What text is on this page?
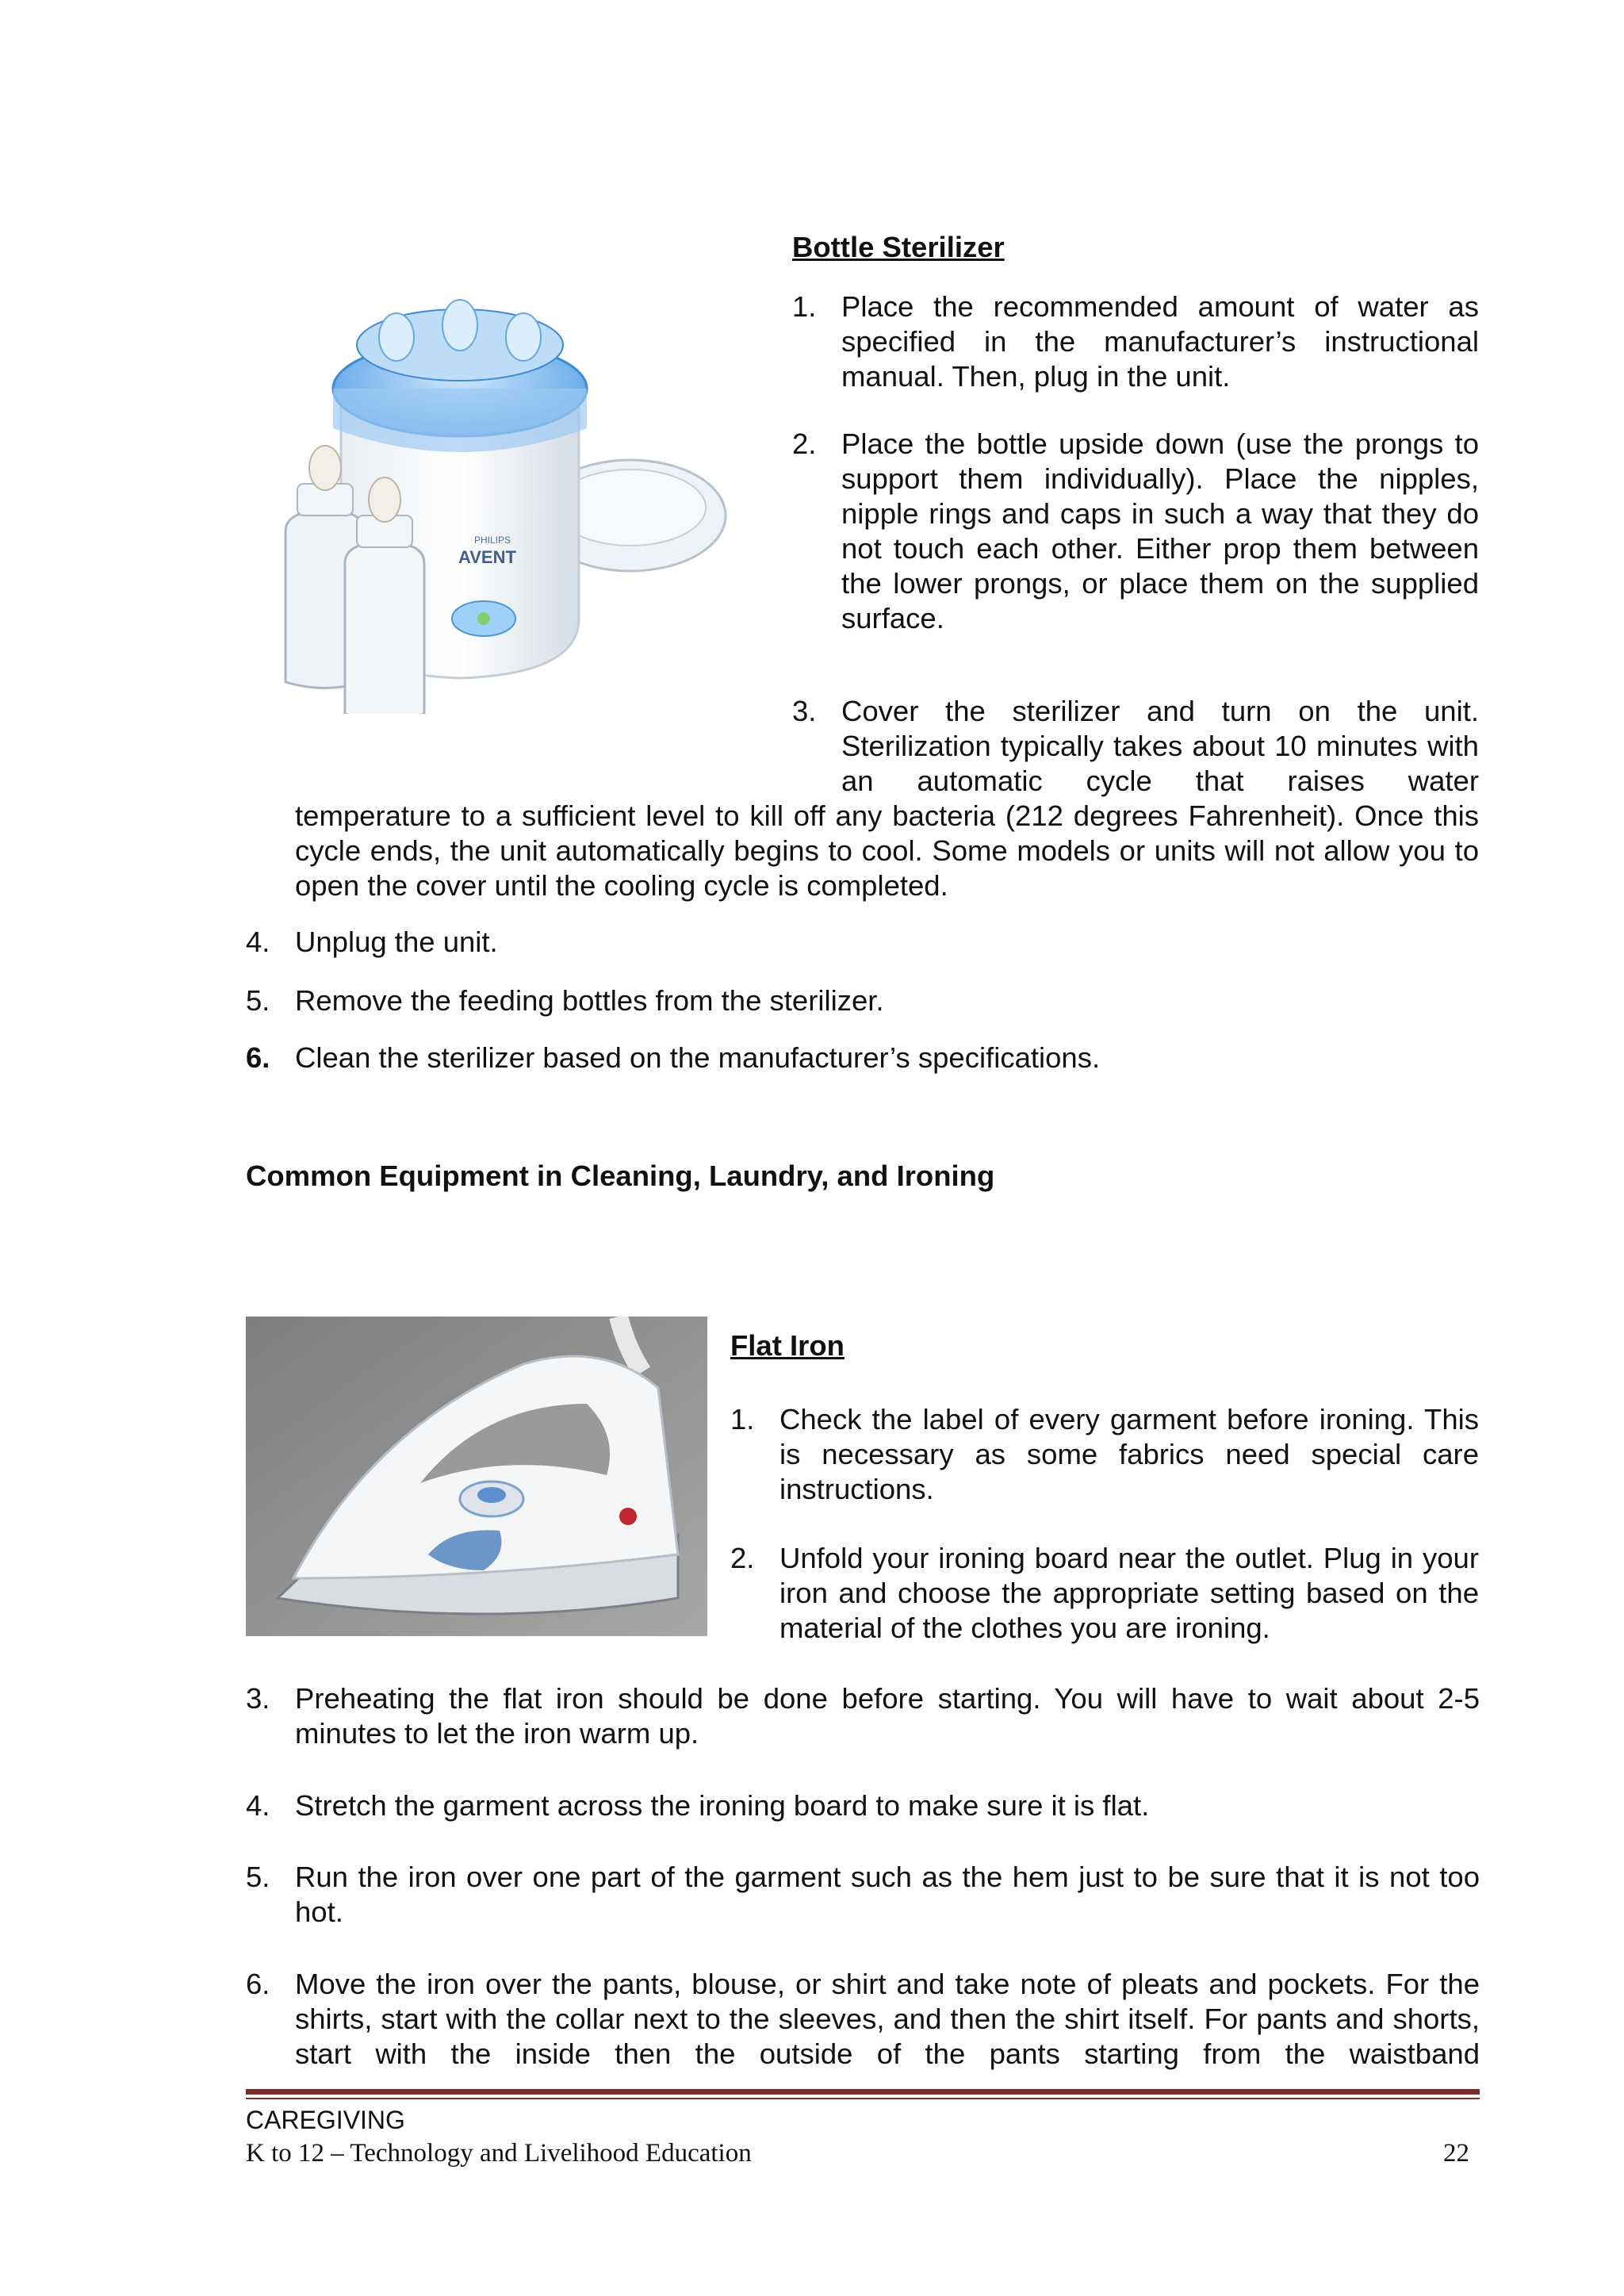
PHILIPS
AVENT
Bottle Sterilizer
1. Place the recommended amount of water as specified in the manufacturer’s instructional manual. Then, plug in the unit.
2. Place the bottle upside down (use the prongs to support them individually). Place the nipples, nipple rings and caps in such a way that they do not touch each other. Either prop them between the lower prongs, or place them on the supplied surface.
3. Cover the sterilizer and turn on the unit. Sterilization typically takes about 10 minutes with an automatic cycle that raises water
temperature to a sufficient level to kill off any bacteria (212 degrees Fahrenheit). Once this cycle ends, the unit automatically begins to cool. Some models or units will not allow you to open the cover until the cooling cycle is completed.
4. Unplug the unit.
5. Remove the feeding bottles from the sterilizer.
6. Clean the sterilizer based on the manufacturer’s specifications.
Common Equipment in Cleaning, Laundry, and Ironing
Flat Iron
1. Check the label of every garment before ironing. This is necessary as some fabrics need special care instructions.
2. Unfold your ironing board near the outlet. Plug in your iron and choose the appropriate setting based on the material of the clothes you are ironing.
3. Preheating the flat iron should be done before starting. You will have to wait about 2-5 minutes to let the iron warm up.
4. Stretch the garment across the ironing board to make sure it is flat.
5. Run the iron over one part of the garment such as the hem just to be sure that it is not too hot.
6. Move the iron over the pants, blouse, or shirt and take note of pleats and pockets. For the shirts, start with the collar next to the sleeves, and then the shirt itself. For pants and shorts, start with the inside then the outside of the pants starting from the waistband
CAREGIVING
K to 12 – Technology and Livelihood Education	22
